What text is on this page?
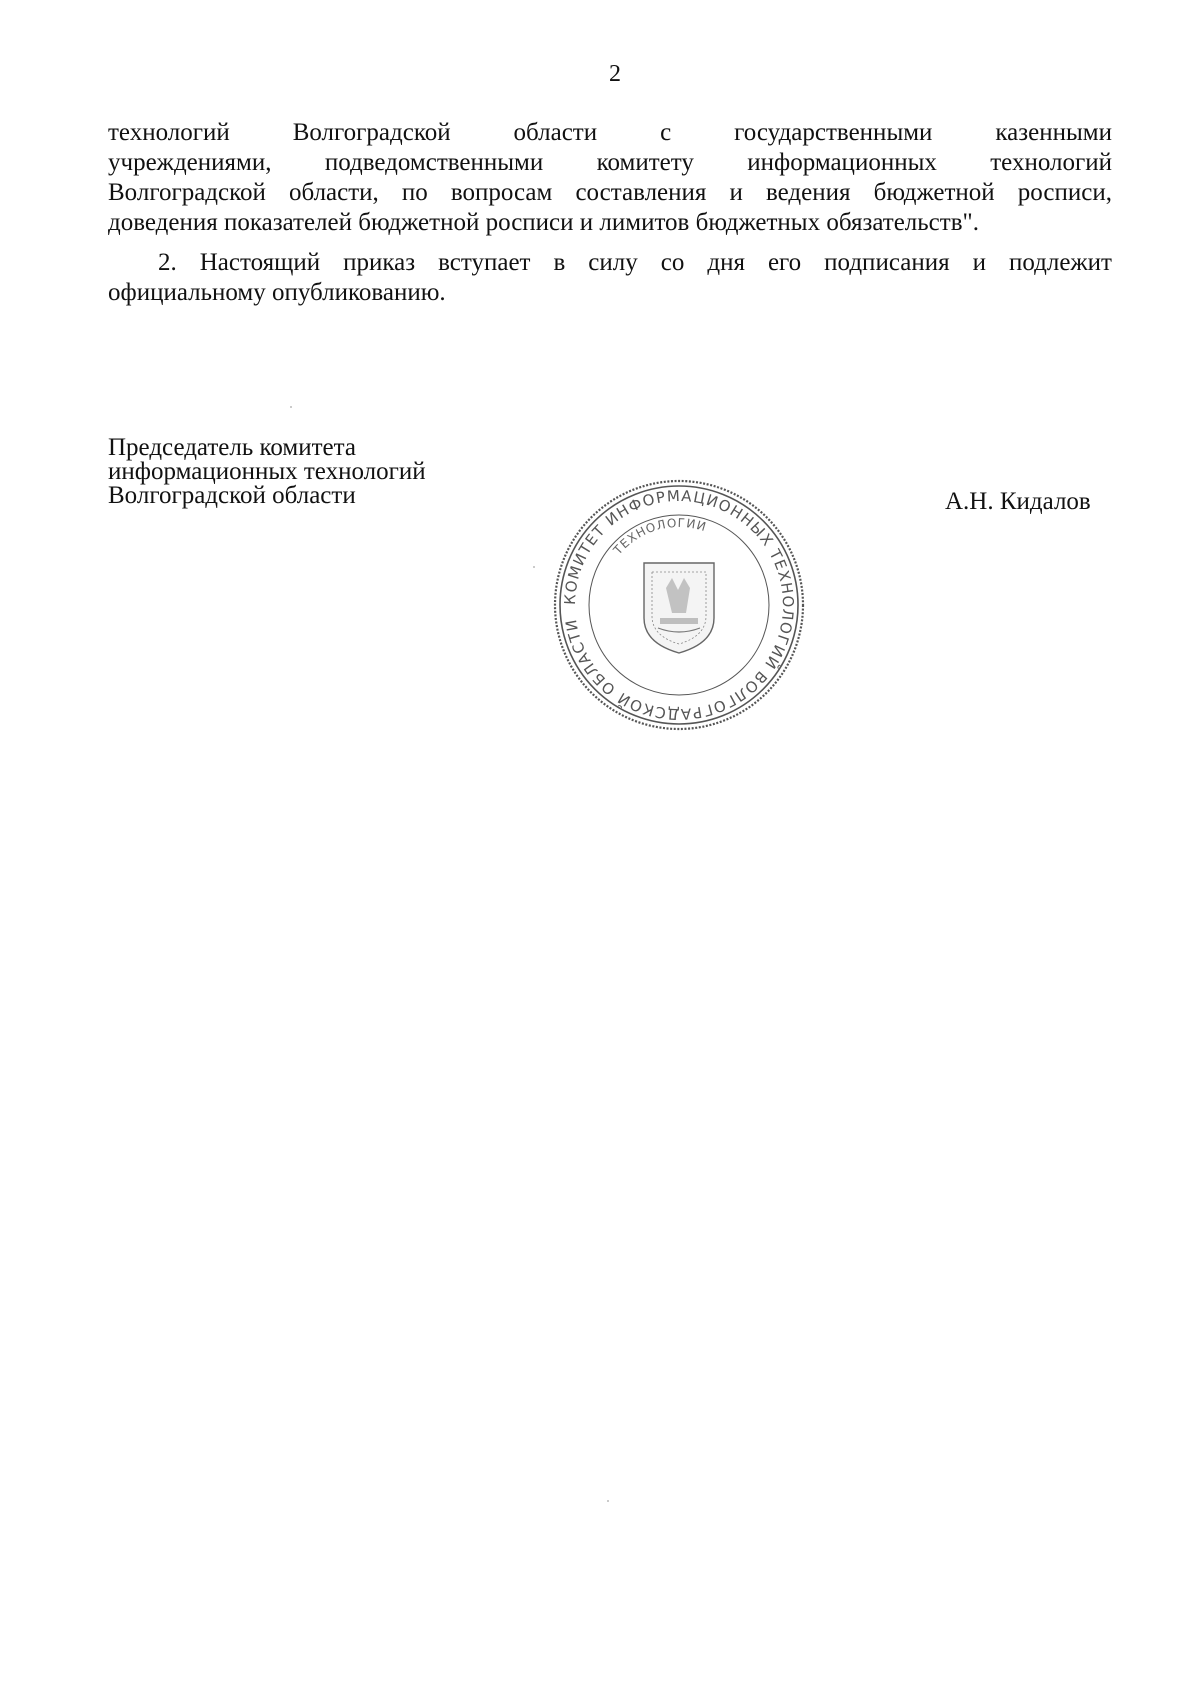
2
технологий Волгоградской области с государственными казенными
учреждениями, подведомственными комитету информационных технологий
Волгоградской области, по вопросам составления и ведения бюджетной росписи,
доведения показателей бюджетной росписи и лимитов бюджетных обязательств".
2. Настоящий приказ вступает в силу со дня его подписания и подлежит
официальному опубликованию.
Председатель комитета
информационных технологий
Волгоградской области	А.Н. Кидалов
КОМИТЕТ ИНФОРМАЦИОННЫХ ТЕХНОЛОГИЙ ВОЛГОГРАДСКОЙ ОБЛАСТИ
ТЕХНОЛОГИИ
